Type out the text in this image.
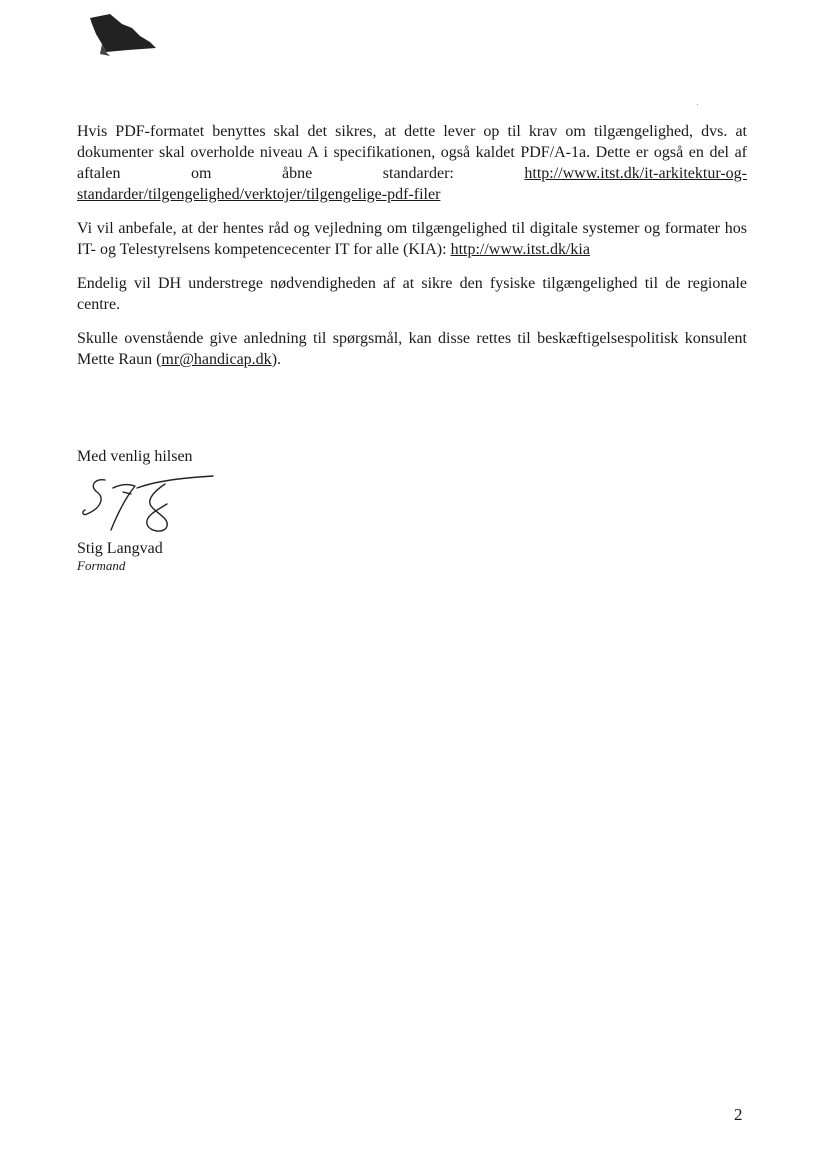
Hvis PDF-formatet benyttes skal det sikres, at dette lever op til krav om tilgængelighed, dvs. at dokumenter skal overholde niveau A i specifikationen, også kaldet PDF/A-1a. Dette er også en del af aftalen om åbne standarder: http://www.itst.dk/it-arkitektur-og-standarder/tilgengelighed/verktojer/tilgengelige-pdf-filer

Vi vil anbefale, at der hentes råd og vejledning om tilgængelighed til digitale systemer og formater hos IT- og Telestyrelsens kompetencecenter IT for alle (KIA): http://www.itst.dk/kia

Endelig vil DH understrege nødvendigheden af at sikre den fysiske tilgængelighed til de regionale centre.

Skulle ovenstående give anledning til spørgsmål, kan disse rettes til beskæftigelsespolitisk konsulent Mette Raun (mr@handicap.dk).

Med venlig hilsen
Stig Langvad
Formand
2
